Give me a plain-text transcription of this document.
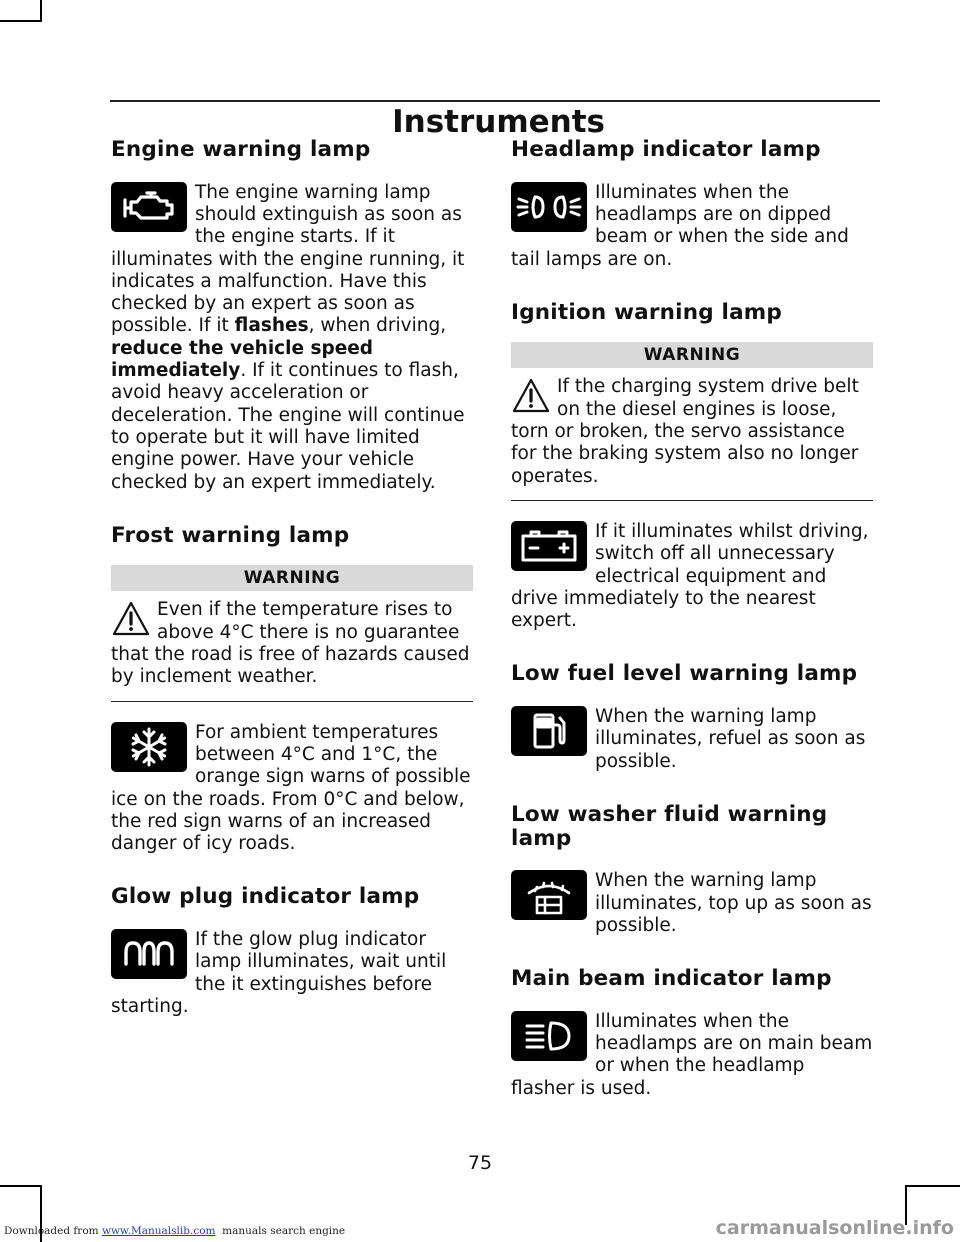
Instruments
Engine warning lamp

The engine warning lamp should extinguish as soon as the engine starts. If it illuminates with the engine running, it indicates a malfunction. Have this checked by an expert as soon as possible. If it flashes, when driving, reduce the vehicle speed immediately. If it continues to flash, avoid heavy acceleration or deceleration. The engine will continue to operate but it will have limited engine power. Have your vehicle checked by an expert immediately.

Frost warning lamp
WARNING

Even if the temperature rises to above 4°C there is no guarantee that the road is free of hazards caused by inclement weather.

For ambient temperatures between 4°C and 1°C, the orange sign warns of possible ice on the roads. From 0°C and below, the red sign warns of an increased danger of icy roads.

Glow plug indicator lamp

If the glow plug indicator lamp illuminates, wait until the it extinguishes before starting.

Headlamp indicator lamp

Illuminates when the headlamps are on dipped beam or when the side and tail lamps are on.

Ignition warning lamp
WARNING

If the charging system drive belt on the diesel engines is loose, torn or broken, the servo assistance for the braking system also no longer operates.

If it illuminates whilst driving, switch off all unnecessary electrical equipment and drive immediately to the nearest expert.

Low fuel level warning lamp

When the warning lamp illuminates, refuel as soon as possible.

Low washer fluid warning lamp

When the warning lamp illuminates, top up as soon as possible.

Main beam indicator lamp

Illuminates when the headlamps are on main beam or when the headlamp flasher is used.

75
Downloaded from www.Manualslib.com  manuals search engine	carmanualsonline.info
